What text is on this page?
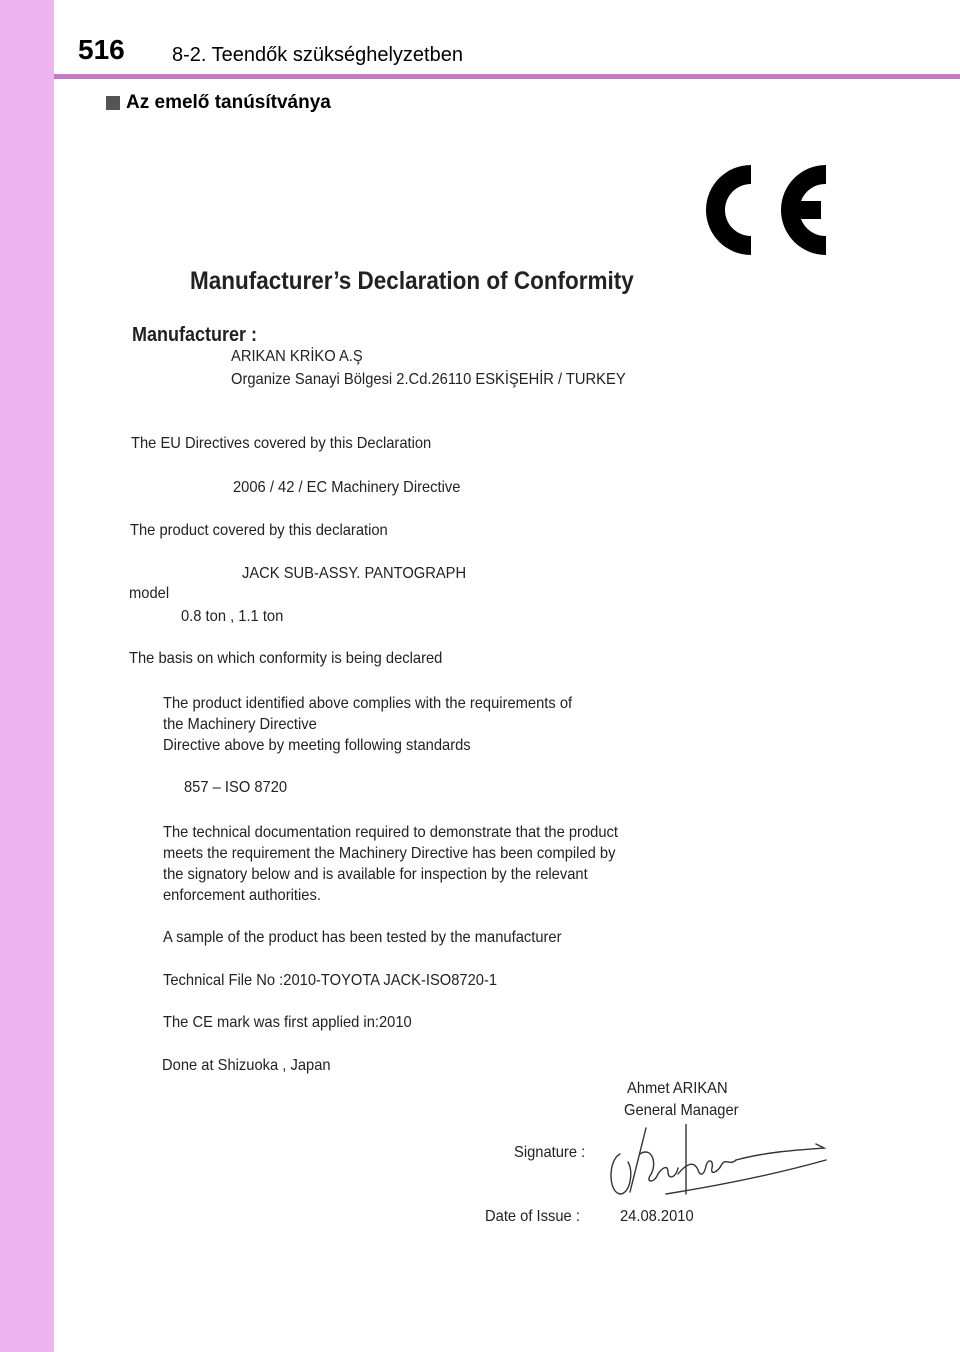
516 8-2. Teendők szükséghelyzetben
Az emelő tanúsítványa
Manufacturer’s Declaration of Conformity
Manufacturer :
ARIKAN KRİKO A.Ş
Organize Sanayi Bölgesi 2.Cd.26110 ESKİŞEHİR / TURKEY
The EU Directives covered by this Declaration
2006 / 42 / EC Machinery Directive
The product covered by this declaration
JACK SUB-ASSY. PANTOGRAPH
model
0.8 ton , 1.1 ton
The basis on which conformity is being declared
The product identified above complies with the requirements of
the Machinery Directive
Directive above by meeting following standards
857 – ISO 8720
The technical documentation required to demonstrate that the product
meets the requirement the Machinery Directive has been compiled by
the signatory below and is available for inspection by the relevant
enforcement authorities.
A sample of the product has been tested by the manufacturer
Technical File No :2010-TOYOTA JACK-ISO8720-1
The CE mark was first applied in:2010
Done at Shizuoka , Japan
Ahmet ARIKAN
General Manager
Signature :
Date of Issue :	24.08.2010
